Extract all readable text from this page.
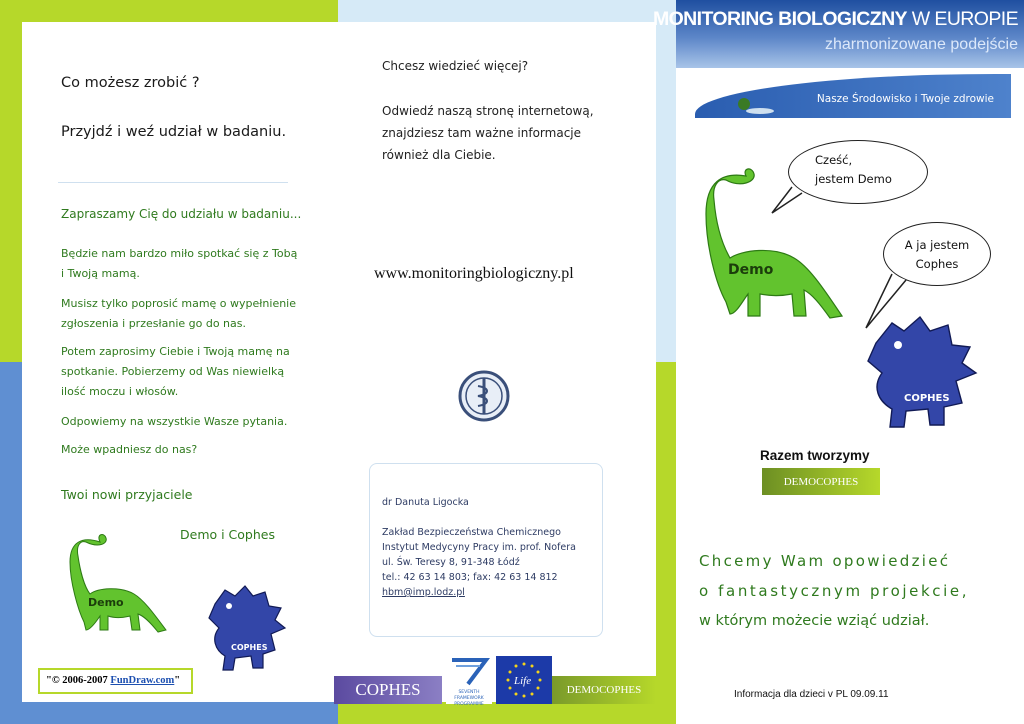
Co możesz zrobić ?
Przyjdź i weź udział w badaniu.
Zapraszamy Cię do udziału w badaniu...
Będzie nam bardzo miło spotkać się z Tobą
i Twoją mamą.
Musisz tylko poprosić mamę o wypełnienie
zgłoszenia i przesłanie go do nas.
Potem zaprosimy Ciebie i Twoją mamę na
spotkanie. Pobierzemy od Was niewielką
ilość moczu i włosów.
Odpowiemy na wszystkie Wasze pytania.
Może wpadniesz do nas?
Twoi nowi przyjaciele
Demo i Cophes
Demo
COPHES
"© 2006-2007 FunDraw.com"
Chcesz wiedzieć więcej?
Odwiedź naszą stronę internetową,
znajdziesz tam ważne informacje
również dla Ciebie.
www.monitoringbiologiczny.pl
dr Danuta Ligocka
Zakład Bezpieczeństwa Chemicznego
Instytut Medycyny Pracy im. prof. Nofera
ul. Św. Teresy 8, 91-348 Łódź
tel.: 42 63 14 803; fax: 42 63 14 812
hbm@imp.lodz.pl
COPHES	SEVENTH FRAMEWORK
PROGRAMME
Life
DEMOCOPHES
MONITORING BIOLOGICZNY W EUROPIE
zharmonizowane podejście
Nasze Środowisko i Twoje zdrowie
Cześć,
jestem Demo
A ja jestem
Cophes
Demo
COPHES
Razem tworzymy
DEMOCOPHES
Chcemy Wam opowiedzieć
o fantastycznym projekcie,
w którym możecie wziąć udział.
Informacja dla dzieci v PL 09.09.11
